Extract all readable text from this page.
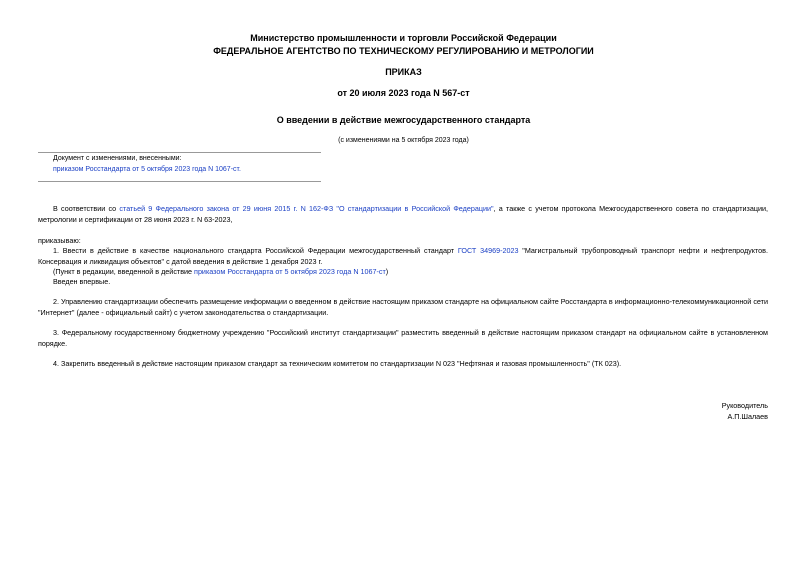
Министерство промышленности и торговли Российской Федерации
ФЕДЕРАЛЬНОЕ АГЕНТСТВО ПО ТЕХНИЧЕСКОМУ РЕГУЛИРОВАНИЮ И МЕТРОЛОГИИ
ПРИКАЗ
от 20 июля 2023 года N 567-ст
О введении в действие межгосударственного стандарта
(с изменениями на 5 октября 2023 года)
Документ с изменениями, внесенными:
приказом Росстандарта от 5 октября 2023 года N 1067-ст.
В соответствии со статьей 9 Федерального закона от 29 июня 2015 г. N 162-ФЗ "О стандартизации в Российской Федерации", а также с учетом протокола Межгосударственного совета по стандартизации, метрологии и сертификации от 28 июня 2023 г. N 63-2023,
приказываю:
1. Ввести в действие в качестве национального стандарта Российской Федерации межгосударственный стандарт ГОСТ 34969-2023 "Магистральный трубопроводный транспорт нефти и нефтепродуктов. Консервация и ликвидация объектов" с датой введения в действие 1 декабря 2023 г.
(Пункт в редакции, введенной в действие приказом Росстандарта от 5 октября 2023 года N 1067-ст)
Введен впервые.
2. Управлению стандартизации обеспечить размещение информации о введенном в действие настоящим приказом стандарте на официальном сайте Росстандарта в информационно-телекоммуникационной сети "Интернет" (далее - официальный сайт) с учетом законодательства о стандартизации.
3. Федеральному государственному бюджетному учреждению "Российский институт стандартизации" разместить введенный в действие настоящим приказом стандарт на официальном сайте в установленном порядке.
4. Закрепить введенный в действие настоящим приказом стандарт за техническим комитетом по стандартизации N 023 "Нефтяная и газовая промышленность" (ТК 023).
Руководитель
А.П.Шалаев
